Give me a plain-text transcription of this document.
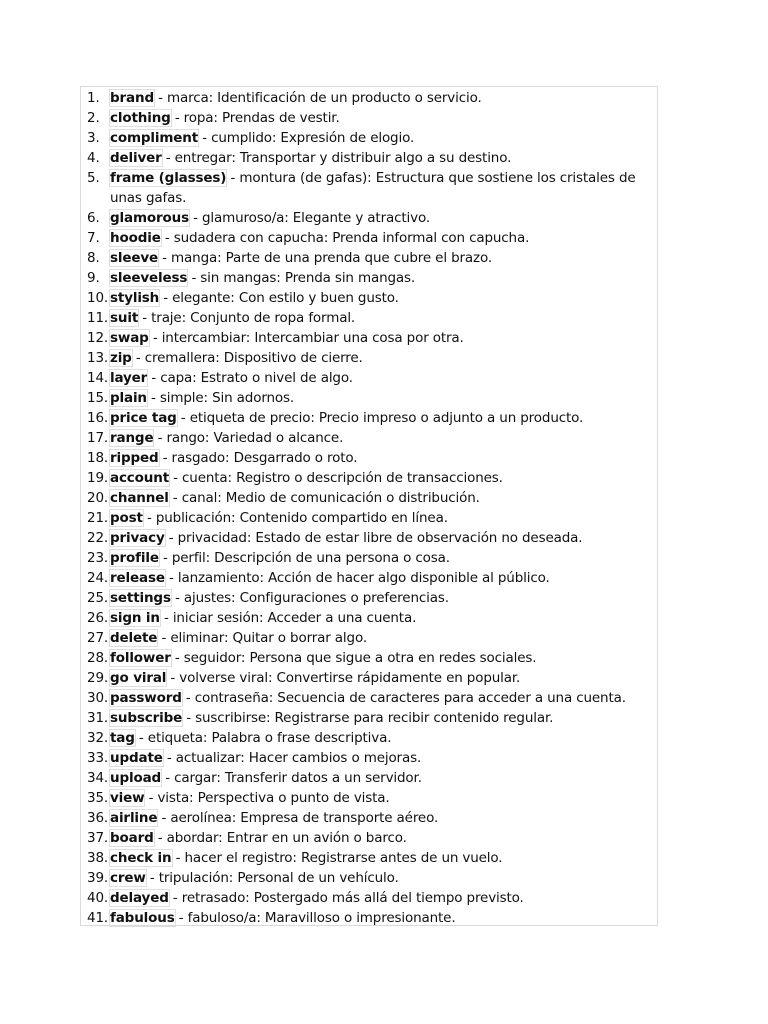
1. brand - marca: Identificación de un producto o servicio.
2. clothing - ropa: Prendas de vestir.
3. compliment - cumplido: Expresión de elogio.
4. deliver - entregar: Transportar y distribuir algo a su destino.
5. frame (glasses) - montura (de gafas): Estructura que sostiene los cristales de unas gafas.
6. glamorous - glamuroso/a: Elegante y atractivo.
7. hoodie - sudadera con capucha: Prenda informal con capucha.
8. sleeve - manga: Parte de una prenda que cubre el brazo.
9. sleeveless - sin mangas: Prenda sin mangas.
10. stylish - elegante: Con estilo y buen gusto.
11. suit - traje: Conjunto de ropa formal.
12. swap - intercambiar: Intercambiar una cosa por otra.
13. zip - cremallera: Dispositivo de cierre.
14. layer - capa: Estrato o nivel de algo.
15. plain - simple: Sin adornos.
16. price tag - etiqueta de precio: Precio impreso o adjunto a un producto.
17. range - rango: Variedad o alcance.
18. ripped - rasgado: Desgarrado o roto.
19. account - cuenta: Registro o descripción de transacciones.
20. channel - canal: Medio de comunicación o distribución.
21. post - publicación: Contenido compartido en línea.
22. privacy - privacidad: Estado de estar libre de observación no deseada.
23. profile - perfil: Descripción de una persona o cosa.
24. release - lanzamiento: Acción de hacer algo disponible al público.
25. settings - ajustes: Configuraciones o preferencias.
26. sign in - iniciar sesión: Acceder a una cuenta.
27. delete - eliminar: Quitar o borrar algo.
28. follower - seguidor: Persona que sigue a otra en redes sociales.
29. go viral - volverse viral: Convertirse rápidamente en popular.
30. password - contraseña: Secuencia de caracteres para acceder a una cuenta.
31. subscribe - suscribirse: Registrarse para recibir contenido regular.
32. tag - etiqueta: Palabra o frase descriptiva.
33. update - actualizar: Hacer cambios o mejoras.
34. upload - cargar: Transferir datos a un servidor.
35. view - vista: Perspectiva o punto de vista.
36. airline - aerolínea: Empresa de transporte aéreo.
37. board - abordar: Entrar en un avión o barco.
38. check in - hacer el registro: Registrarse antes de un vuelo.
39. crew - tripulación: Personal de un vehículo.
40. delayed - retrasado: Postergado más allá del tiempo previsto.
41. fabulous - fabuloso/a: Maravilloso o impresionante.
